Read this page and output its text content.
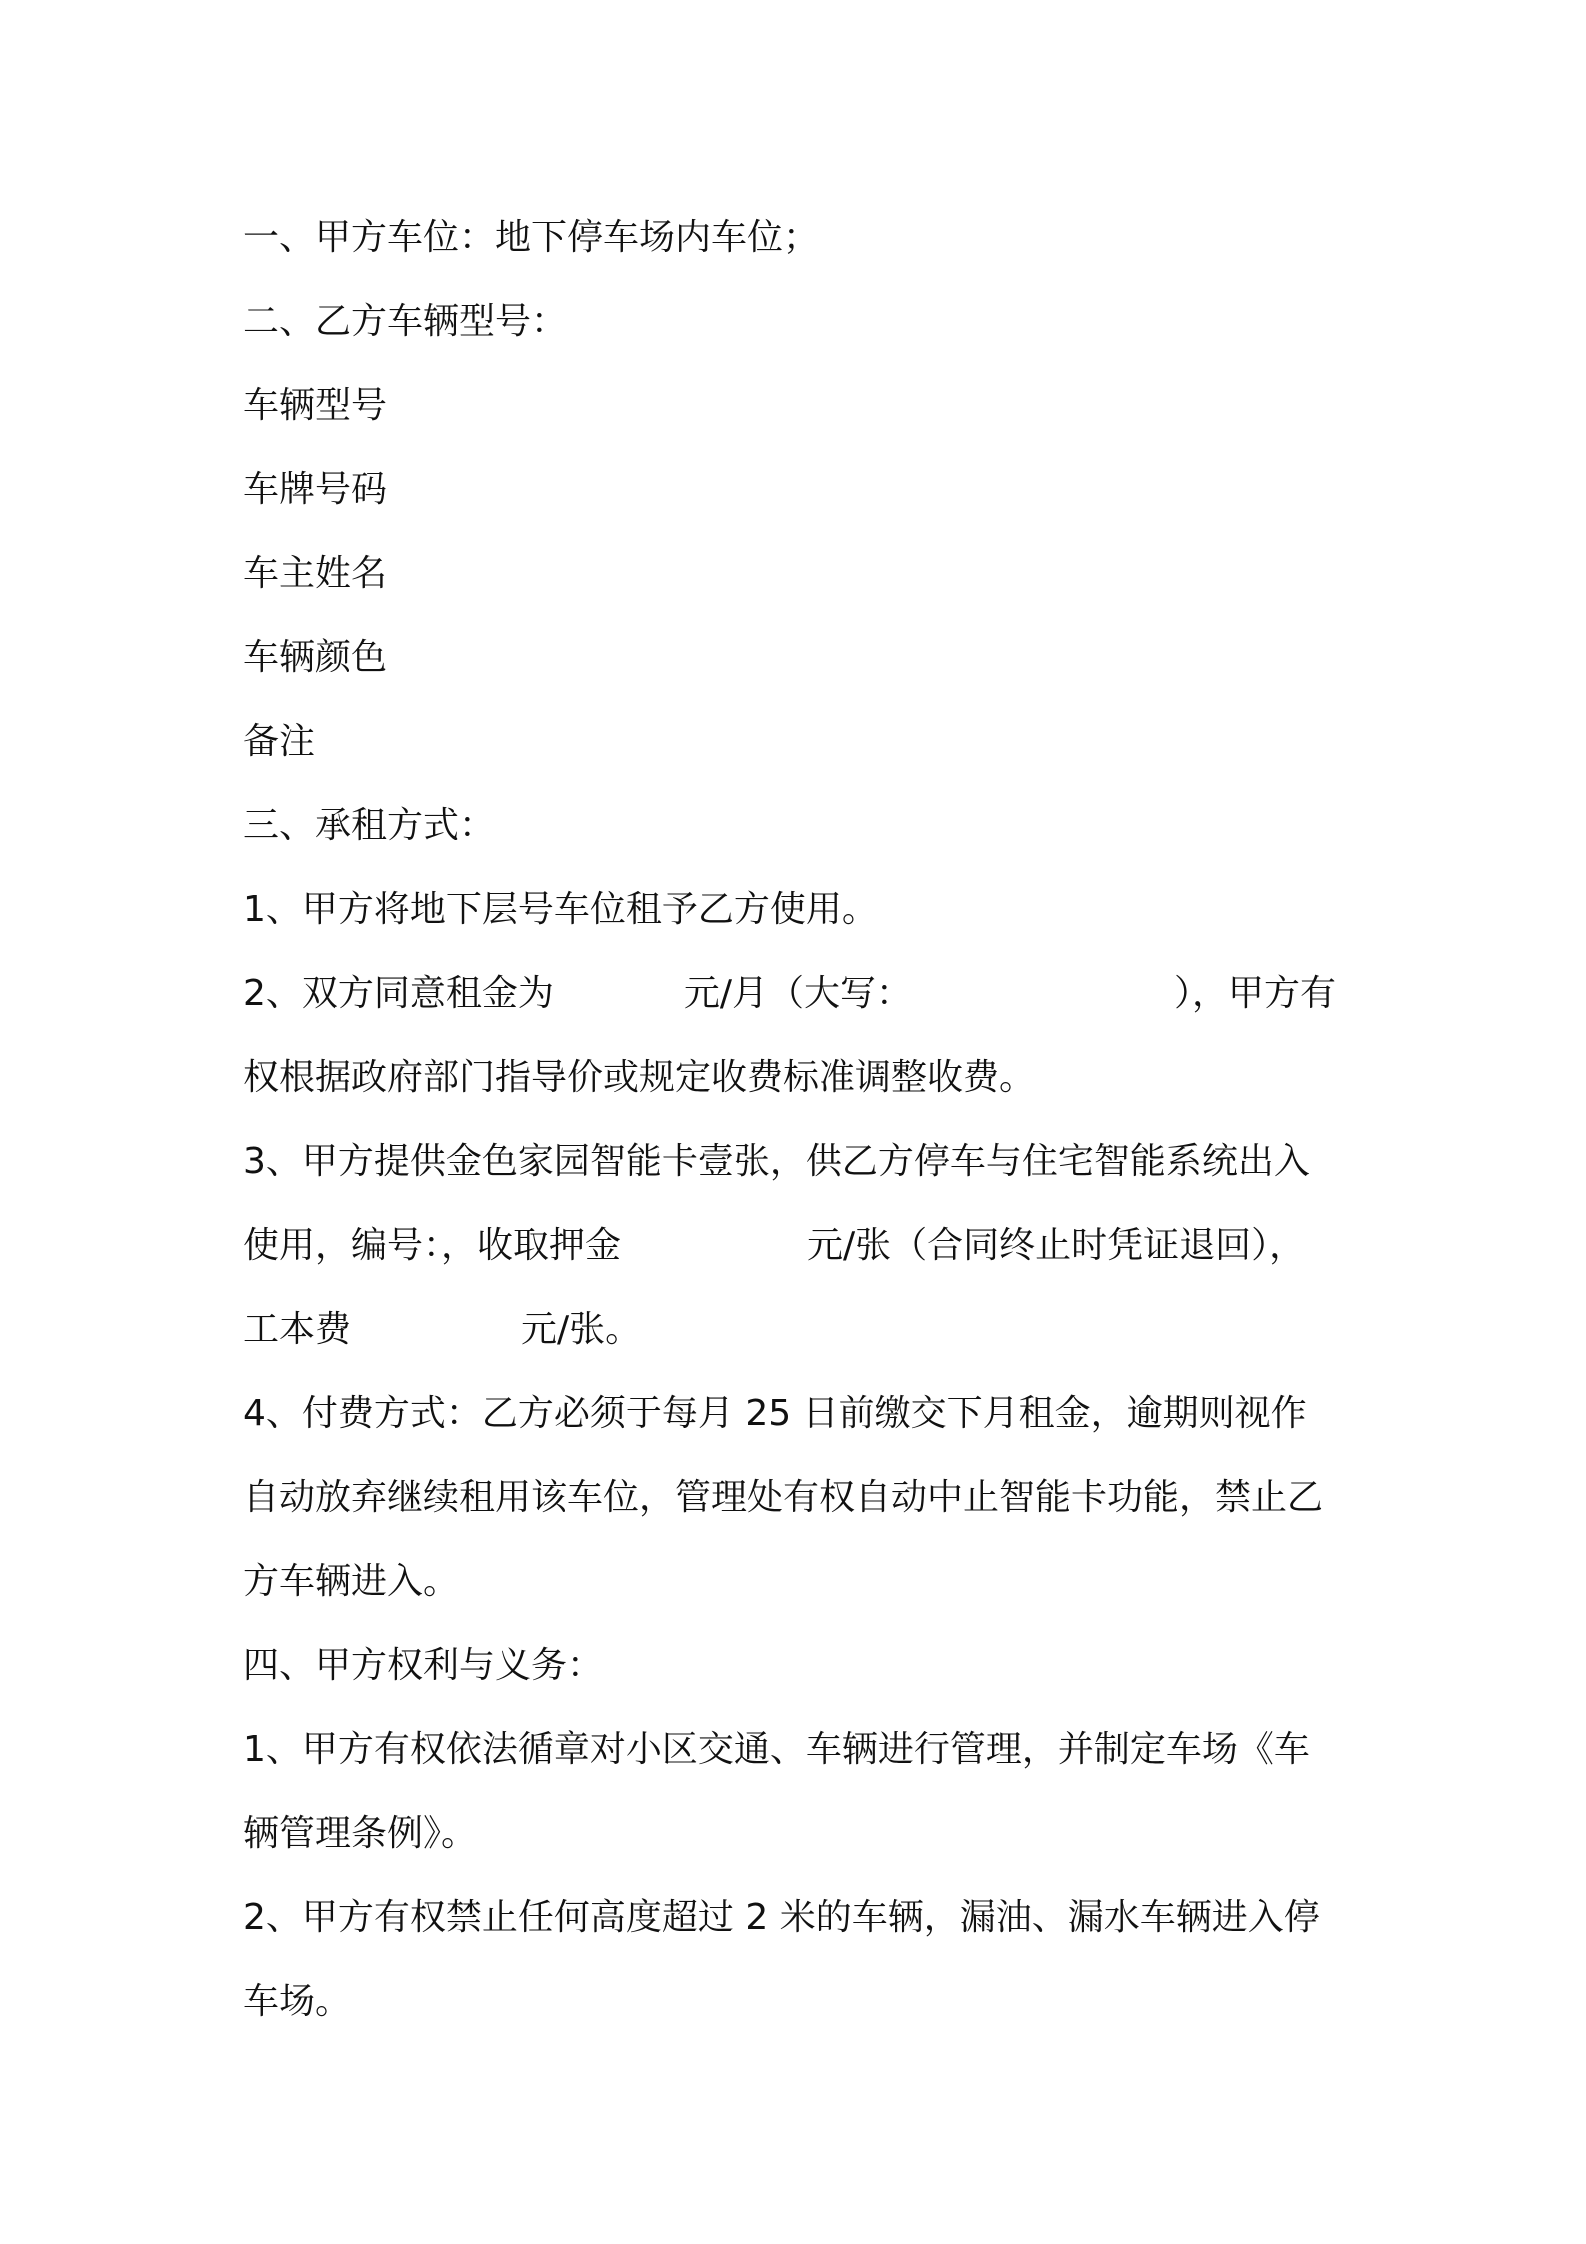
一、甲方车位：地下停车场内车位；
二、乙方车辆型号：
车辆型号
车牌号码
车主姓名
车辆颜色
备注
三、承租方式：
1、甲方将地下层号车位租予乙方使用。
2、双方同意租金为	元/月（大写：	），甲方有
权根据政府部门指导价或规定收费标准调整收费。
3、甲方提供金色家园智能卡壹张，供乙方停车与住宅智能系统出入
使用，编号：，收取押金	元/张（合同终止时凭证退回），
工本费	元/张。
4、付费方式：乙方必须于每月 25 日前缴交下月租金，逾期则视作
自动放弃继续租用该车位，管理处有权自动中止智能卡功能，禁止乙
方车辆进入。
四、甲方权利与义务：
1、甲方有权依法循章对小区交通、车辆进行管理，并制定车场《车
辆管理条例》。
2、甲方有权禁止任何高度超过 2 米的车辆，漏油、漏水车辆进入停
车场。
